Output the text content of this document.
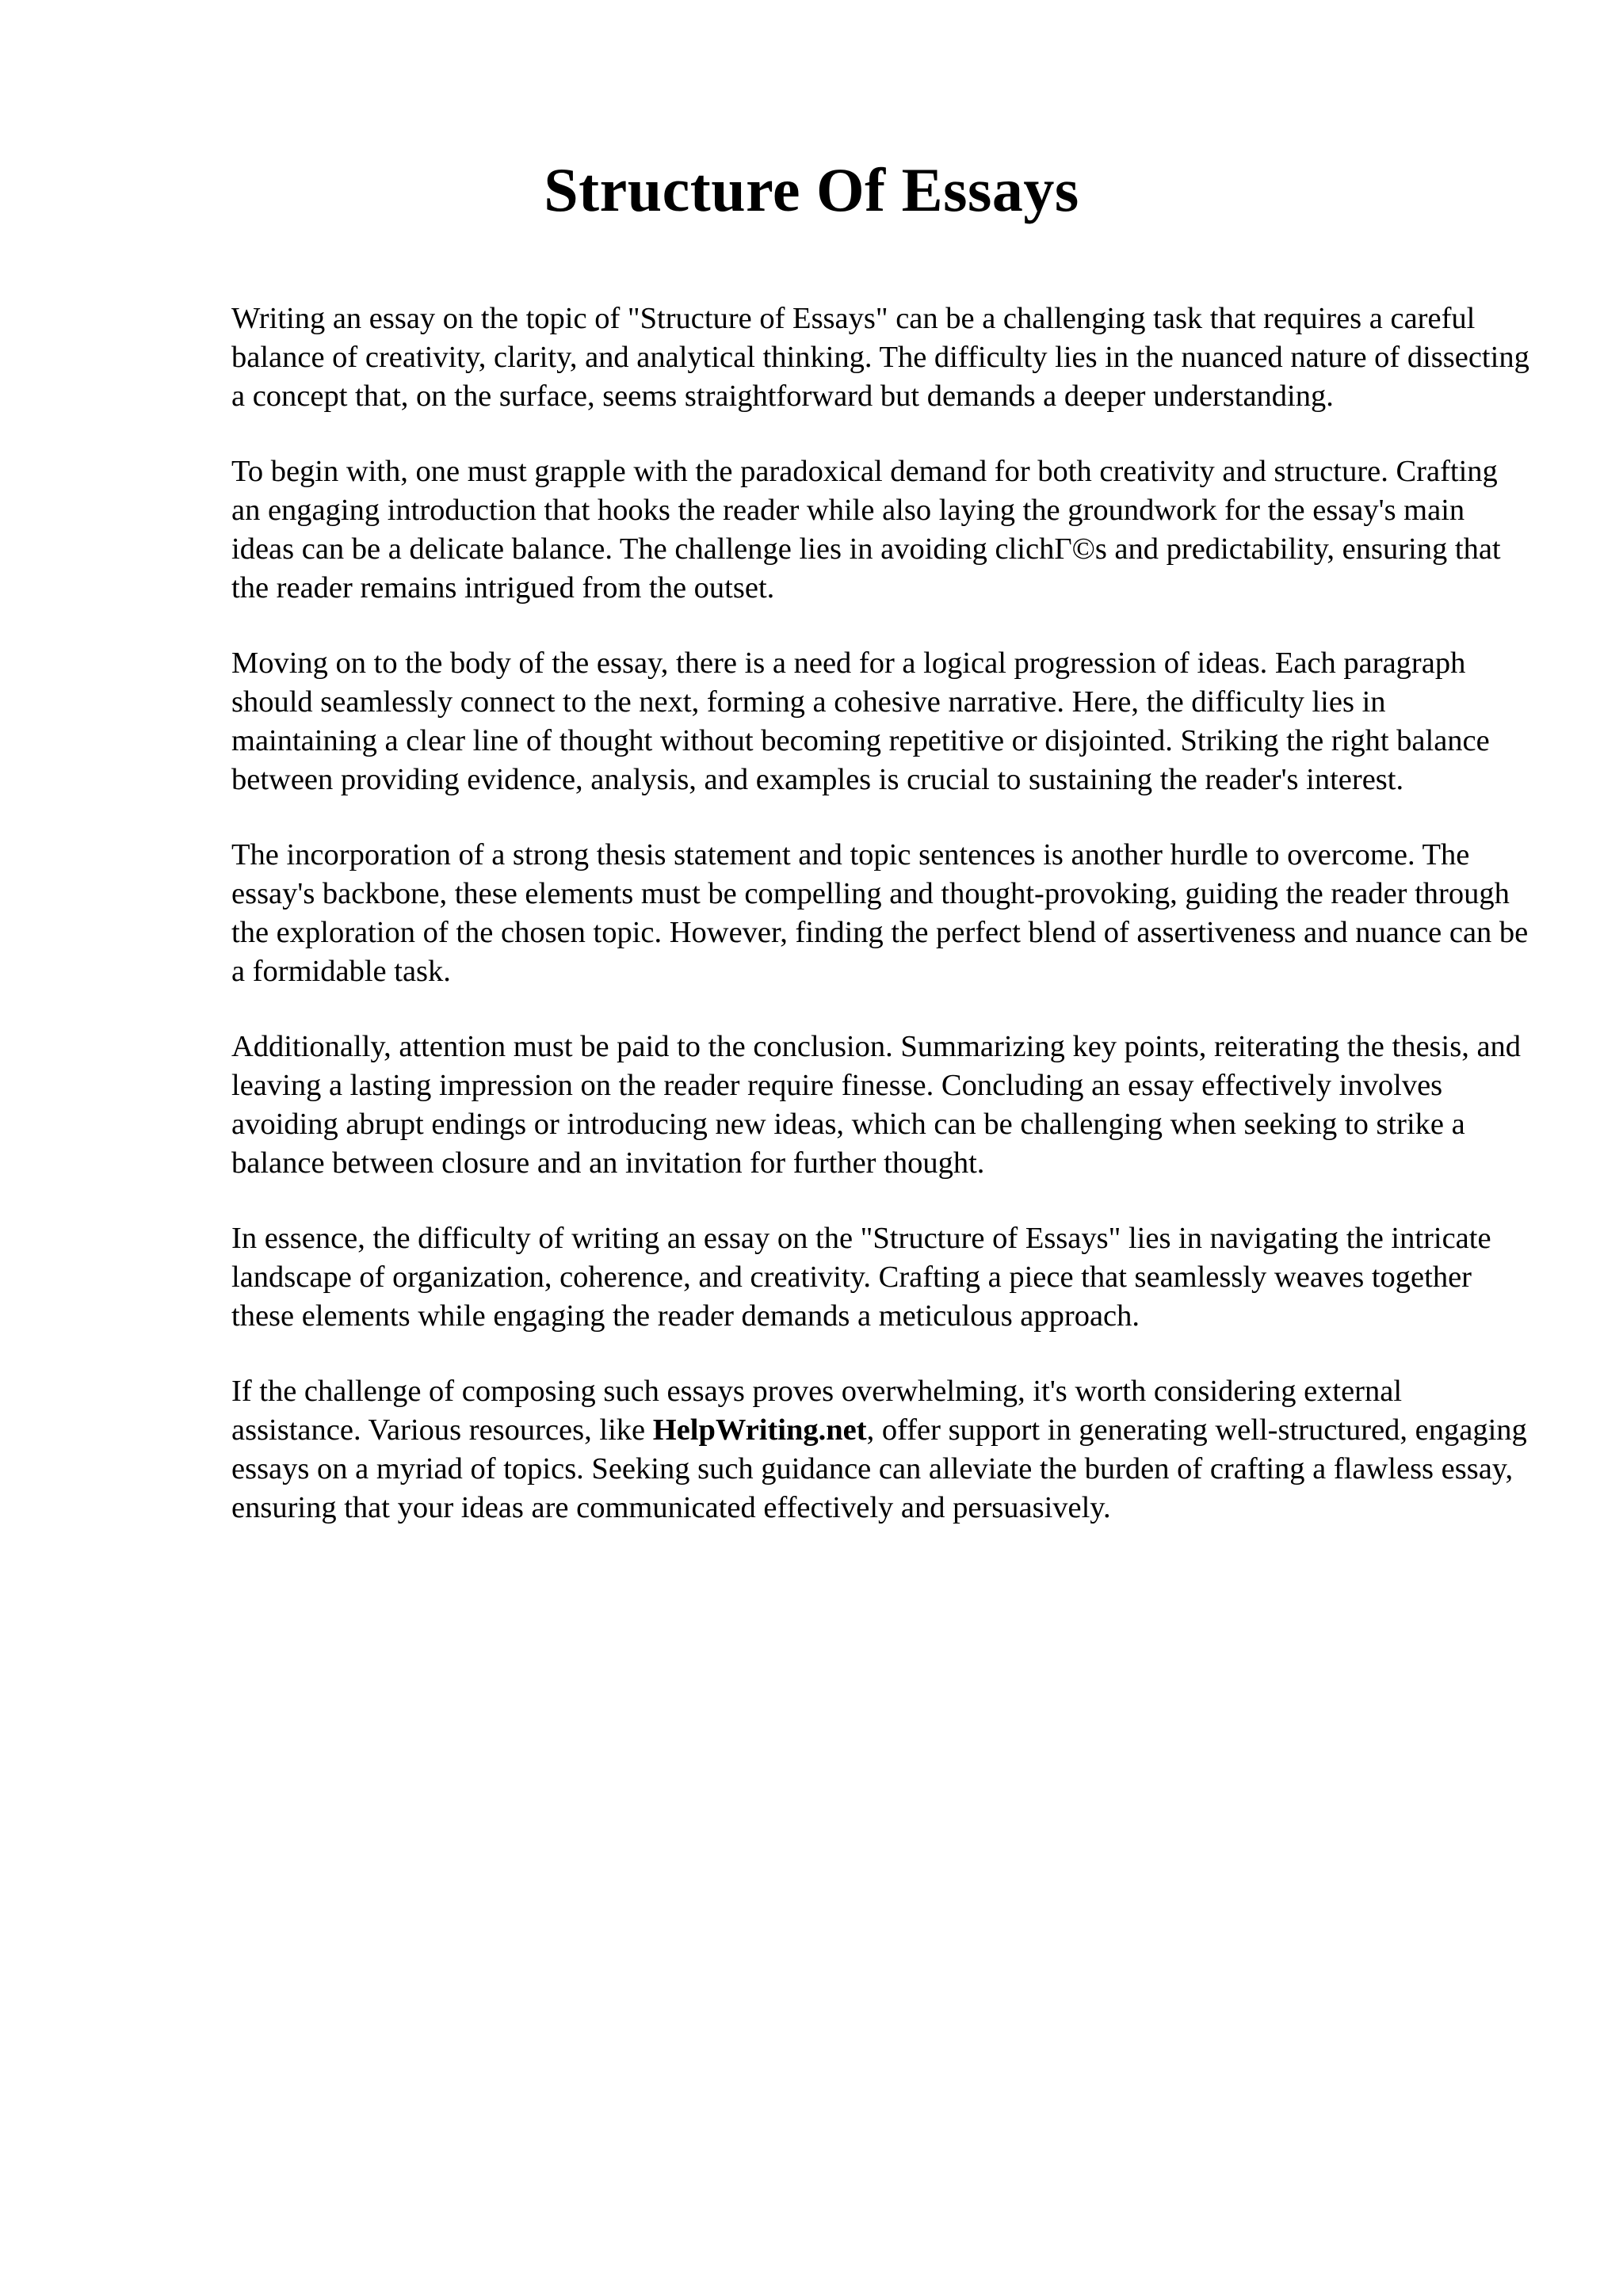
Structure Of Essays

Writing an essay on the topic of "Structure of Essays" can be a challenging task that requires a careful balance of creativity, clarity, and analytical thinking. The difficulty lies in the nuanced nature of dissecting a concept that, on the surface, seems straightforward but demands a deeper understanding.

To begin with, one must grapple with the paradoxical demand for both creativity and structure. Crafting an engaging introduction that hooks the reader while also laying the groundwork for the essay's main ideas can be a delicate balance. The challenge lies in avoiding clichΓ©s and predictability, ensuring that the reader remains intrigued from the outset.

Moving on to the body of the essay, there is a need for a logical progression of ideas. Each paragraph should seamlessly connect to the next, forming a cohesive narrative. Here, the difficulty lies in maintaining a clear line of thought without becoming repetitive or disjointed. Striking the right balance between providing evidence, analysis, and examples is crucial to sustaining the reader's interest.

The incorporation of a strong thesis statement and topic sentences is another hurdle to overcome. The essay's backbone, these elements must be compelling and thought-provoking, guiding the reader through the exploration of the chosen topic. However, finding the perfect blend of assertiveness and nuance can be a formidable task.

Additionally, attention must be paid to the conclusion. Summarizing key points, reiterating the thesis, and leaving a lasting impression on the reader require finesse. Concluding an essay effectively involves avoiding abrupt endings or introducing new ideas, which can be challenging when seeking to strike a balance between closure and an invitation for further thought.

In essence, the difficulty of writing an essay on the "Structure of Essays" lies in navigating the intricate landscape of organization, coherence, and creativity. Crafting a piece that seamlessly weaves together these elements while engaging the reader demands a meticulous approach.

If the challenge of composing such essays proves overwhelming, it's worth considering external assistance. Various resources, like HelpWriting.net, offer support in generating well-structured, engaging essays on a myriad of topics. Seeking such guidance can alleviate the burden of crafting a flawless essay, ensuring that your ideas are communicated effectively and persuasively.
